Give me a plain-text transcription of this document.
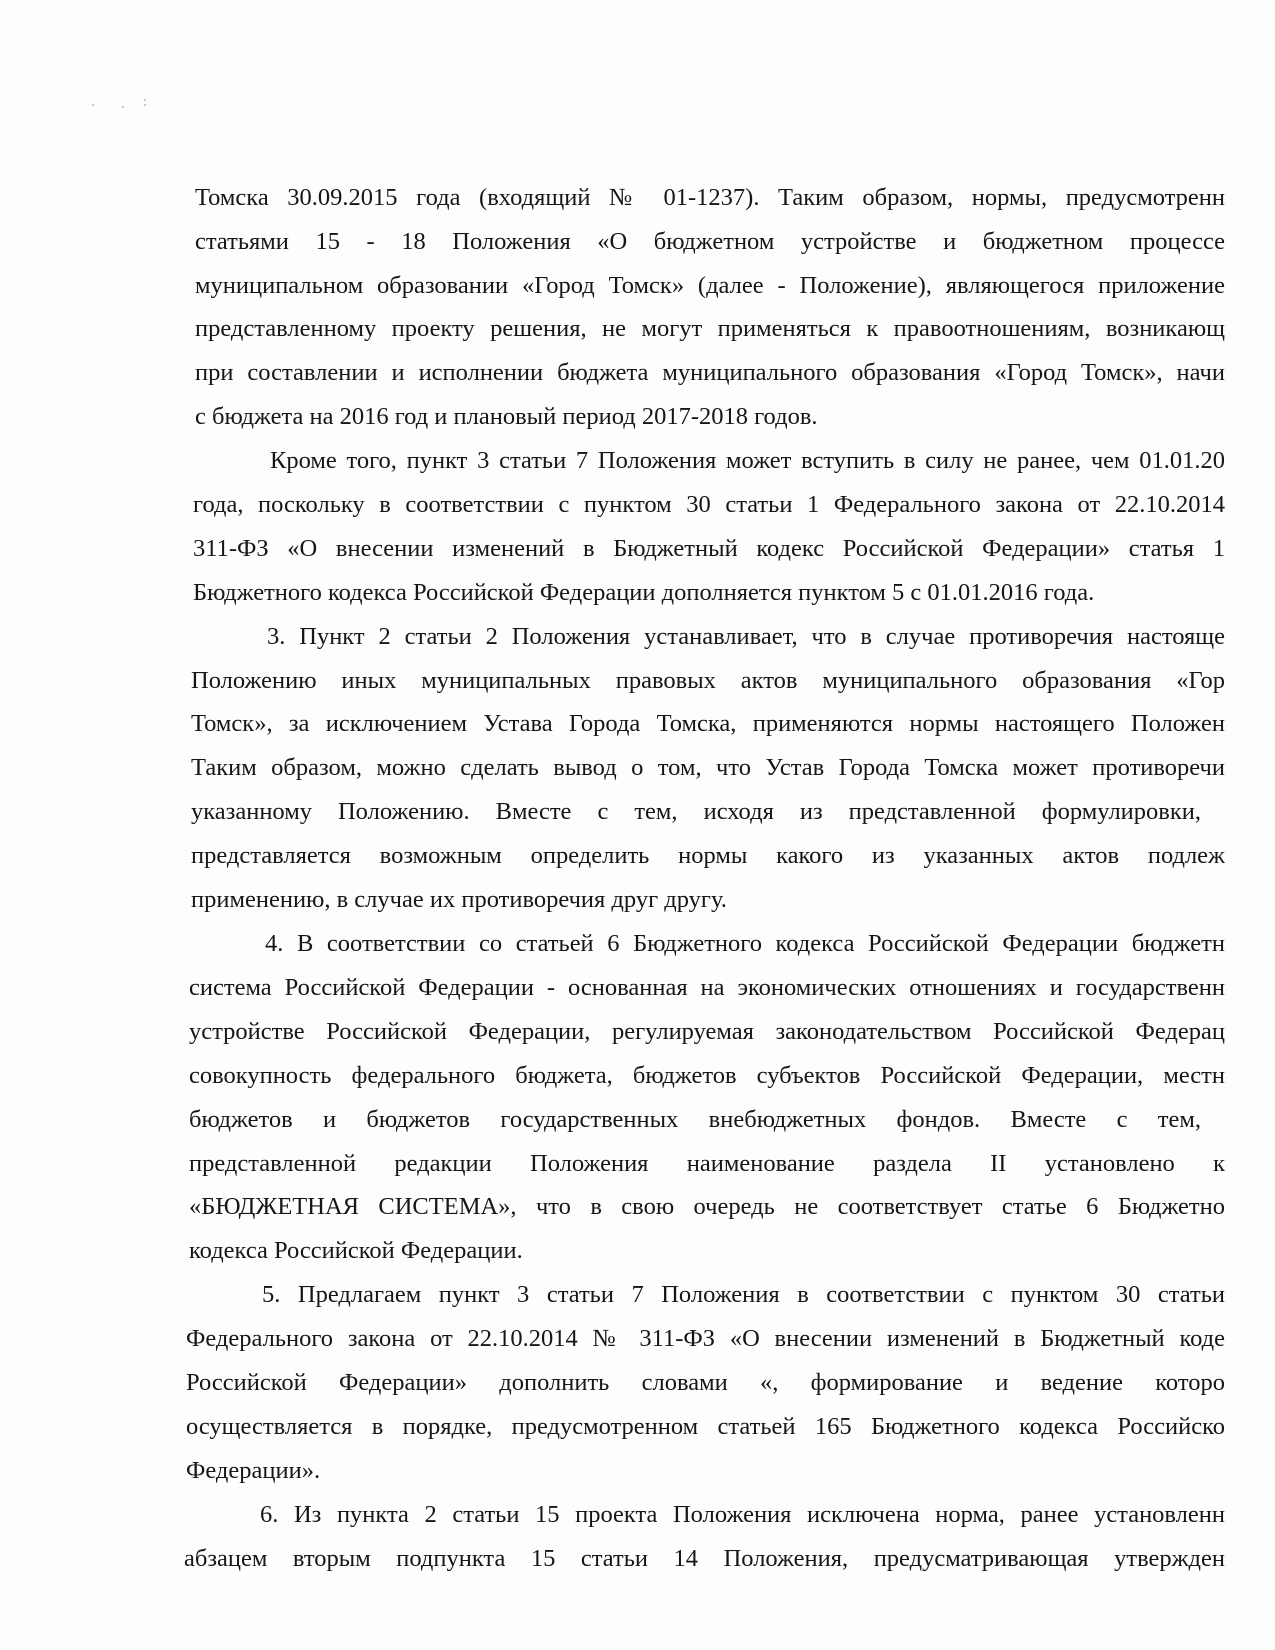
Томска 30.09.2015 года (входящий № 01-1237). Таким образом, нормы, предусмотренн
статьями 15 - 18 Положения «О бюджетном устройстве и бюджетном процессе
муниципальном образовании «Город Томск» (далее - Положение), являющегося приложение
представленному проекту решения, не могут применяться к правоотношениям, возникающ
при составлении и исполнении бюджета муниципального образования «Город Томск», начи
с бюджета на 2016 год и плановый период 2017-2018 годов.
Кроме того, пункт 3 статьи 7 Положения может вступить в силу не ранее, чем 01.01.20
года, поскольку в соответствии с пунктом 30 статьи 1 Федерального закона от 22.10.2014
311-ФЗ «О внесении изменений в Бюджетный кодекс Российской Федерации» статья 1
Бюджетного кодекса Российской Федерации дополняется пунктом 5 с 01.01.2016 года.
3. Пункт 2 статьи 2 Положения устанавливает, что в случае противоречия настояще
Положению иных муниципальных правовых актов муниципального образования «Гор
Томск», за исключением Устава Города Томска, применяются нормы настоящего Положен
Таким образом, можно сделать вывод о том, что Устав Города Томска может противоречи
указанному Положению. Вместе с тем, исходя из представленной формулировки,
представляется возможным определить нормы какого из указанных актов подлеж
применению, в случае их противоречия друг другу.
4. В соответствии со статьей 6 Бюджетного кодекса Российской Федерации бюджетн
система Российской Федерации - основанная на экономических отношениях и государственн
устройстве Российской Федерации, регулируемая законодательством Российской Федерац
совокупность федерального бюджета, бюджетов субъектов Российской Федерации, местн
бюджетов и бюджетов государственных внебюджетных фондов. Вместе с тем,
представленной редакции Положения наименование раздела II установлено к
«БЮДЖЕТНАЯ СИСТЕМА», что в свою очередь не соответствует статье 6 Бюджетно
кодекса Российской Федерации.
5. Предлагаем пункт 3 статьи 7 Положения в соответствии с пунктом 30 статьи
Федерального закона от 22.10.2014 № 311-ФЗ «О внесении изменений в Бюджетный коде
Российской Федерации» дополнить словами «, формирование и ведение которо
осуществляется в порядке, предусмотренном статьей 165 Бюджетного кодекса Российско
Федерации».
6. Из пункта 2 статьи 15 проекта Положения исключена норма, ранее установленн
абзацем вторым подпункта 15 статьи 14 Положения, предусматривающая утвержден
